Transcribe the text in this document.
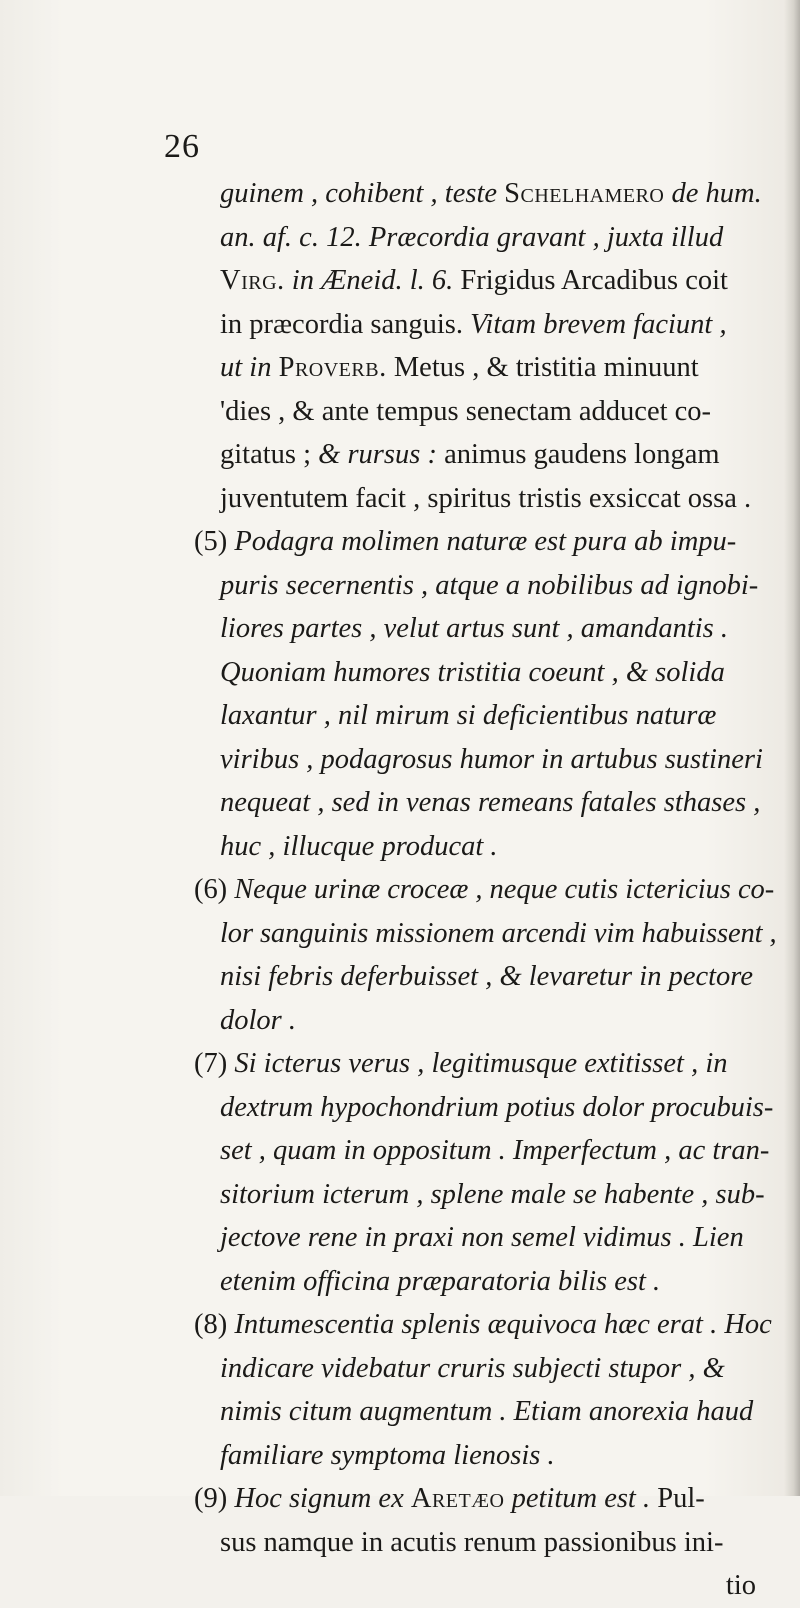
26
guinem , cohibent , teste Schelhamero de hum.
an. af. c. 12. Præcordia gravant , juxta illud
Virg. in Æneid. l. 6. Frigidus Arcadibus coit
in præcordia sanguis. Vitam brevem faciunt ,
ut in Proverb. Metus , & tristitia minuunt
'dies , & ante tempus senectam adducet co-
gitatus ; & rursus : animus gaudens longam
juventutem facit , spiritus tristis exsiccat ossa .
(5) Podagra molimen naturæ est pura ab impu-
puris secernentis , atque a nobilibus ad ignobi-
liores partes , velut artus sunt , amandantis .
Quoniam humores tristitia coeunt , & solida
laxantur , nil mirum si deficientibus naturæ
viribus , podagrosus humor in artubus sustineri
nequeat , sed in venas remeans fatales sthases ,
huc , illucque producat .
(6) Neque urinæ croceæ , neque cutis ictericius co-
lor sanguinis missionem arcendi vim habuissent ,
nisi febris deferbuisset , & levaretur in pectore
dolor .
(7) Si icterus verus , legitimusque extitisset , in
dextrum hypochondrium potius dolor procubuis-
set , quam in oppositum . Imperfectum , ac tran-
sitorium icterum , splene male se habente , sub-
jectove rene in praxi non semel vidimus . Lien
etenim officina præparatoria bilis est .
(8) Intumescentia splenis æquivoca hæc erat . Hoc
indicare videbatur cruris subjecti stupor , &
nimis citum augmentum . Etiam anorexia haud
familiare symptoma lienosis .
(9) Hoc signum ex Aretæo petitum est . Pul-
sus namque in acutis renum passionibus ini-
tio
